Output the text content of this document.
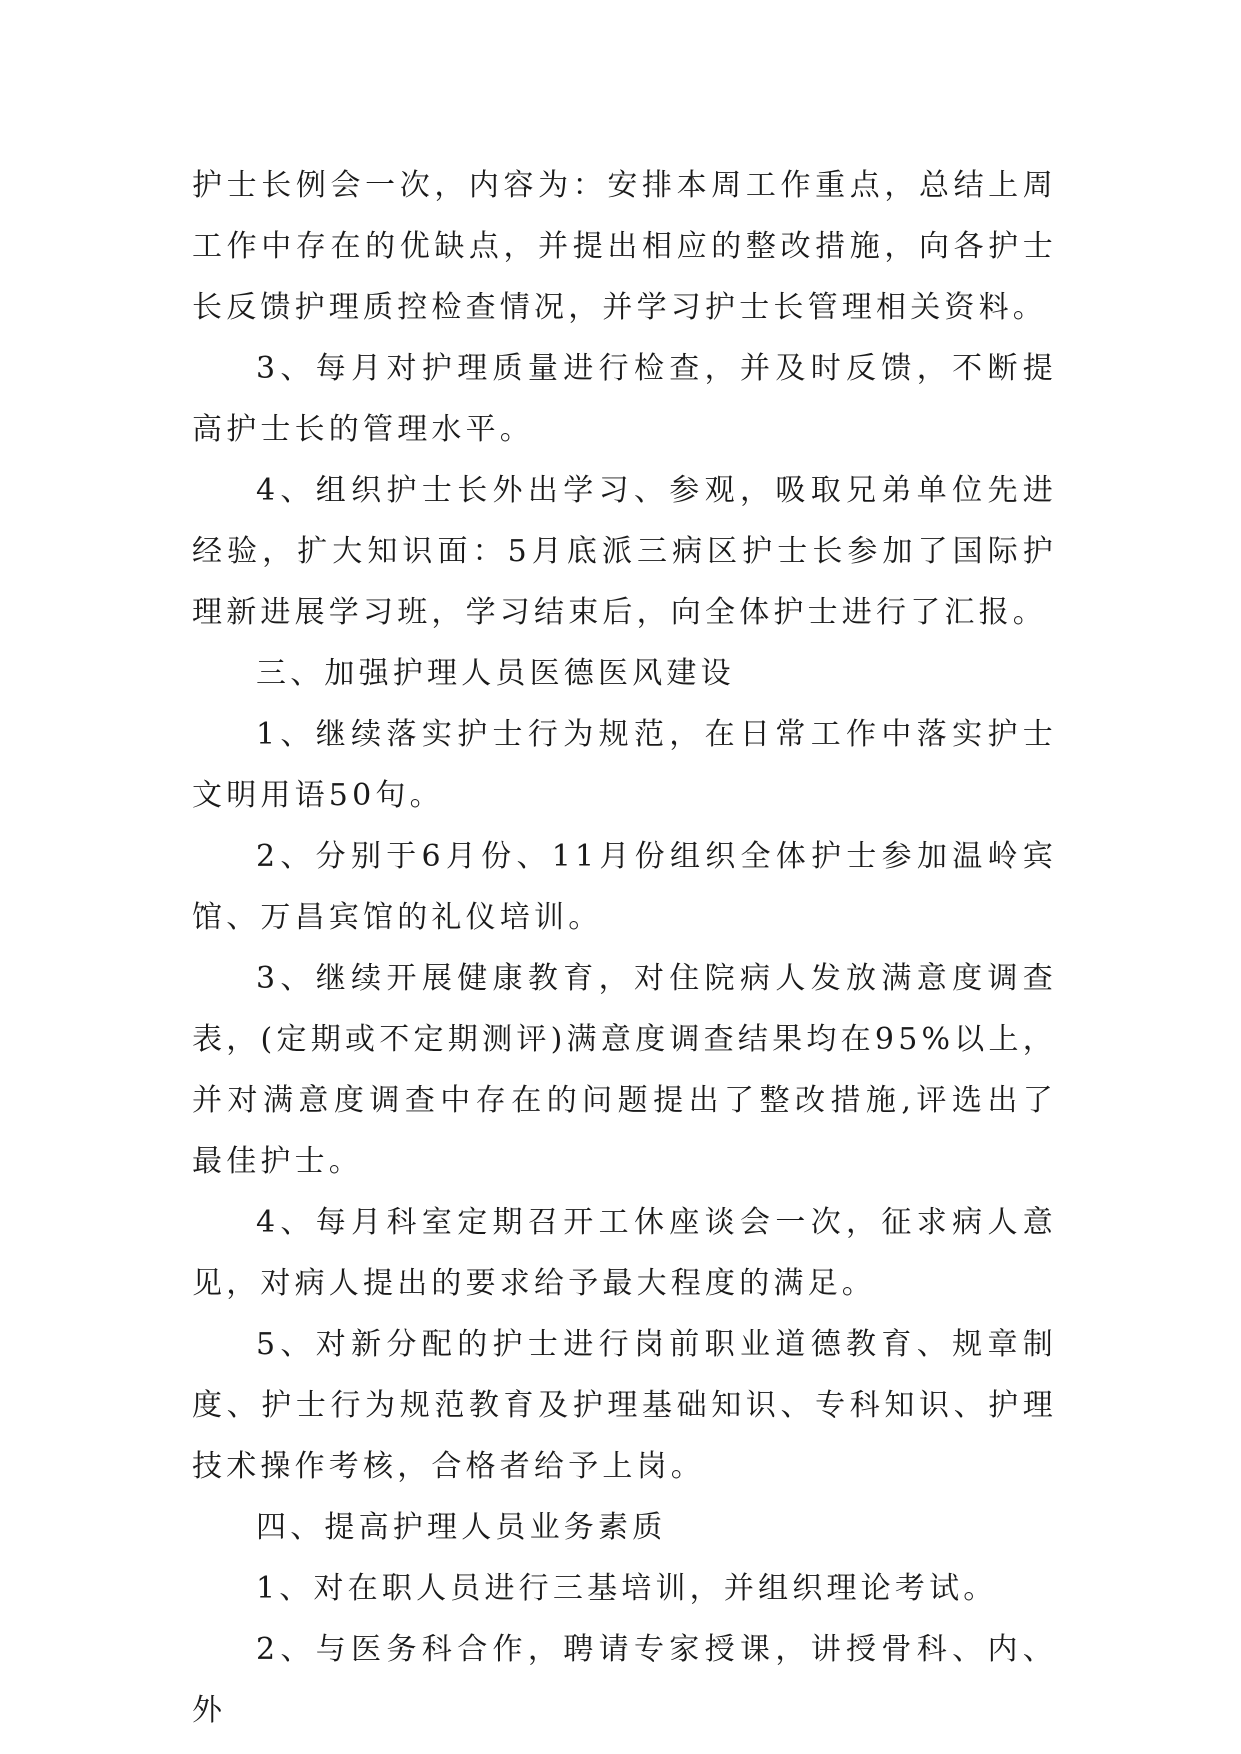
护士长例会一次，内容为：安排本周工作重点，总结上周工作中存在的优缺点，并提出相应的整改措施，向各护士长反馈护理质控检查情况，并学习护士长管理相关资料。

3、每月对护理质量进行检查，并及时反馈，不断提高护士长的管理水平。

4、组织护士长外出学习、参观，吸取兄弟单位先进经验，扩大知识面：5月底派三病区护士长参加了国际护理新进展学习班，学习结束后，向全体护士进行了汇报。

三、加强护理人员医德医风建设

1、继续落实护士行为规范，在日常工作中落实护士文明用语50句。

2、分别于6月份、11月份组织全体护士参加温岭宾馆、万昌宾馆的礼仪培训。

3、继续开展健康教育，对住院病人发放满意度调查表，(定期或不定期测评)满意度调查结果均在95%以上，并对满意度调查中存在的问题提出了整改措施,评选出了最佳护士。

4、每月科室定期召开工休座谈会一次，征求病人意见，对病人提出的要求给予最大程度的满足。

5、对新分配的护士进行岗前职业道德教育、规章制度、护士行为规范教育及护理基础知识、专科知识、护理技术操作考核，合格者给予上岗。

四、提高护理人员业务素质

1、对在职人员进行三基培训，并组织理论考试。

2、与医务科合作，聘请专家授课，讲授骨科、内、外
